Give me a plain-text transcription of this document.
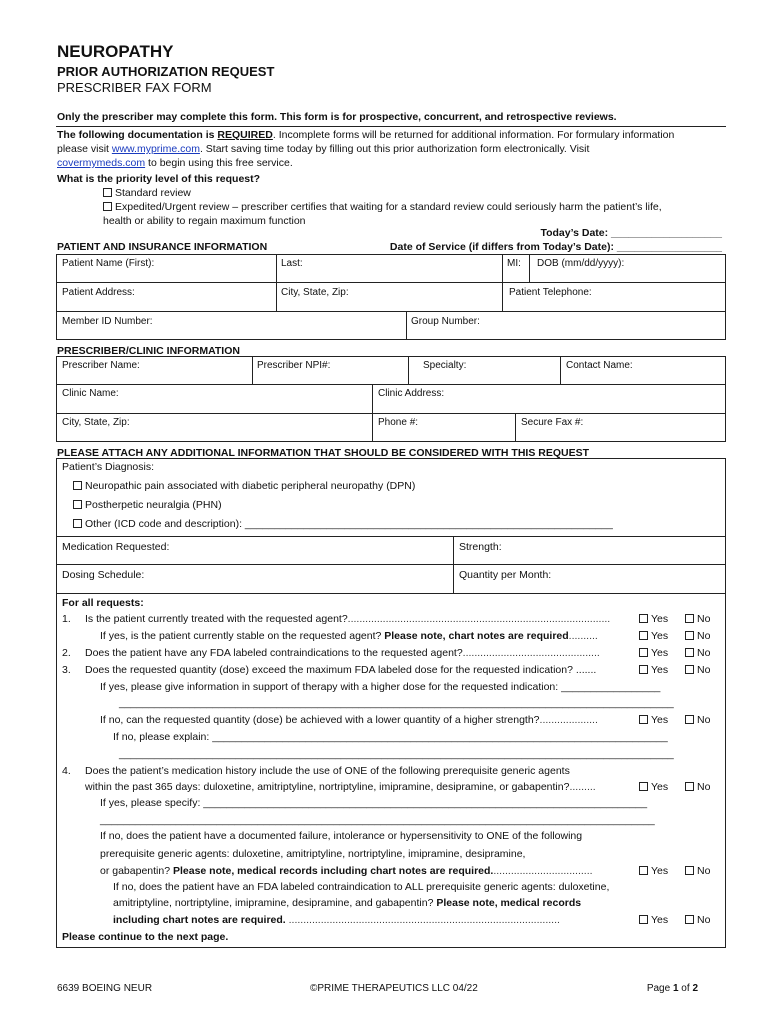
NEUROPATHY
PRIOR AUTHORIZATION REQUEST
PRESCRIBER FAX FORM
Only the prescriber may complete this form. This form is for prospective, concurrent, and retrospective reviews.
The following documentation is REQUIRED. Incomplete forms will be returned for additional information. For formulary information
please visit www.myprime.com. Start saving time today by filling out this prior authorization form electronically. Visit
covermymeds.com to begin using this free service.
What is the priority level of this request?
Standard review
Expedited/Urgent review – prescriber certifies that waiting for a standard review could seriously harm the patient’s life,
health or ability to regain maximum function
Today’s Date: ___________________
PATIENT AND INSURANCE INFORMATION	Date of Service (if differs from Today’s Date): __________________
Patient Name (First):	Last:	MI: DOB (mm/dd/yyyy):
Patient Address:	City, State, Zip:	Patient Telephone:
Member ID Number:	Group Number:
PRESCRIBER/CLINIC INFORMATION
Prescriber Name:	Prescriber NPI#:	Specialty:	Contact Name:
Clinic Name:	Clinic Address:
City, State, Zip:	Phone #:	Secure Fax #:
PLEASE ATTACH ANY ADDITIONAL INFORMATION THAT SHOULD BE CONSIDERED WITH THIS REQUEST
Patient’s Diagnosis:
Neuropathic pain associated with diabetic peripheral neuropathy (DPN)
Postherpetic neuralgia (PHN)
Other (ICD code and description): _______________________________________________________________
Medication Requested:	Strength:
Dosing Schedule:	Quantity per Month:
For all requests:
1. Is the patient currently treated with the requested agent?..........................................................................................	Yes	No
If yes, is the patient currently stable on the requested agent? Please note, chart notes are required..........	Yes	No
2. Does the patient have any FDA labeled contraindications to the requested agent?...............................................	Yes	No
3. Does the requested quantity (dose) exceed the maximum FDA labeled dose for the requested indication? .......	Yes	No
If yes, please give information in support of therapy with a higher dose for the requested indication: _________________
_______________________________________________________________________________________________
If no, can the requested quantity (dose) be achieved with a lower quantity of a higher strength?....................	Yes	No
If no, please explain: ______________________________________________________________________________
_______________________________________________________________________________________________
4. Does the patient’s medication history include the use of ONE of the following prerequisite generic agents
within the past 365 days: duloxetine, amitriptyline, nortriptyline, imipramine, desipramine, or gabapentin?.........	Yes	No
If yes, please specify: ____________________________________________________________________________
_______________________________________________________________________________________________
If no, does the patient have a documented failure, intolerance or hypersensitivity to ONE of the following
prerequisite generic agents: duloxetine, amitriptyline, nortriptyline, imipramine, desipramine,
or gabapentin? Please note, medical records including chart notes are required...................................	Yes	No
If no, does the patient have an FDA labeled contraindication to ALL prerequisite generic agents: duloxetine,
amitriptyline, nortriptyline, imipramine, desipramine, and gabapentin? Please note, medical records
including chart notes are required. .............................................................................................	Yes	No
Please continue to the next page.
6639 BOEING NEUR	©PRIME THERAPEUTICS LLC 04/22	Page 1 of 2
